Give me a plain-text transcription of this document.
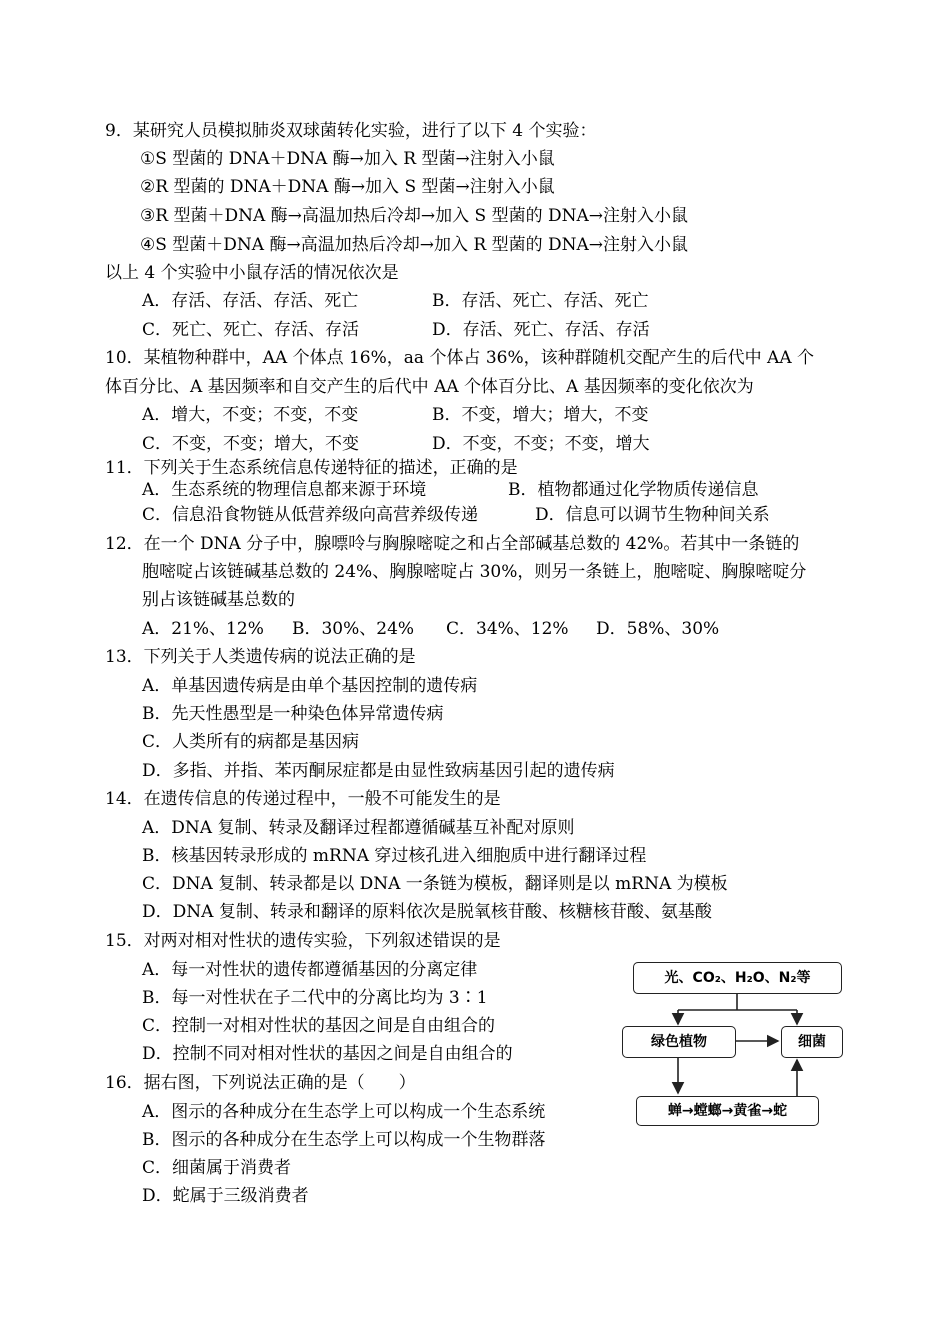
9．某研究人员模拟肺炎双球菌转化实验，进行了以下 4 个实验：
①S 型菌的 DNA＋DNA 酶→加入 R 型菌→注射入小鼠
②R 型菌的 DNA＋DNA 酶→加入 S 型菌→注射入小鼠
③R 型菌＋DNA 酶→高温加热后冷却→加入 S 型菌的 DNA→注射入小鼠
④S 型菌＋DNA 酶→高温加热后冷却→加入 R 型菌的 DNA→注射入小鼠
以上 4 个实验中小鼠存活的情况依次是
A．存活、存活、存活、死亡	B．存活、死亡、存活、死亡
C．死亡、死亡、存活、存活	D．存活、死亡、存活、存活
10．某植物种群中，AA 个体点 16%，aa 个体占 36%，该种群随机交配产生的后代中 AA 个
体百分比、A 基因频率和自交产生的后代中 AA 个体百分比、A 基因频率的变化依次为
A．增大，不变；不变，不变	B．不变，增大；增大，不变
C．不变，不变；增大，不变	D．不变，不变；不变，增大
11．下列关于生态系统信息传递特征的描述，正确的是
A．生态系统的物理信息都来源于环境	B．植物都通过化学物质传递信息
C．信息沿食物链从低营养级向高营养级传递	D．信息可以调节生物种间关系
12．在一个 DNA 分子中，腺嘌呤与胸腺嘧啶之和占全部碱基总数的 42%。若其中一条链的
胞嘧啶占该链碱基总数的 24%、胸腺嘧啶占 30%，则另一条链上，胞嘧啶、胸腺嘧啶分
别占该链碱基总数的
A．21%、12% B．30%、24% C．34%、12% D．58%、30%
13．下列关于人类遗传病的说法正确的是
A．单基因遗传病是由单个基因控制的遗传病
B．先天性愚型是一种染色体异常遗传病
C．人类所有的病都是基因病
D．多指、并指、苯丙酮尿症都是由显性致病基因引起的遗传病
14．在遗传信息的传递过程中，一般不可能发生的是
A．DNA 复制、转录及翻译过程都遵循碱基互补配对原则
B．核基因转录形成的 mRNA 穿过核孔进入细胞质中进行翻译过程
C．DNA 复制、转录都是以 DNA 一条链为模板，翻译则是以 mRNA 为模板
D．DNA 复制、转录和翻译的原料依次是脱氧核苷酸、核糖核苷酸、氨基酸
15．对两对相对性状的遗传实验，下列叙述错误的是
A．每一对性状的遗传都遵循基因的分离定律
B．每一对性状在子二代中的分离比均为 3∶1
C．控制一对相对性状的基因之间是自由组合的
D．控制不同对相对性状的基因之间是自由组合的
16．据右图，下列说法正确的是（　　）
A．图示的各种成分在生态学上可以构成一个生态系统
B．图示的各种成分在生态学上可以构成一个生物群落
C．细菌属于消费者
D．蛇属于三级消费者
光、CO₂、H₂O、N₂等
绿色植物	细菌
蝉→螳螂→黄雀→蛇
